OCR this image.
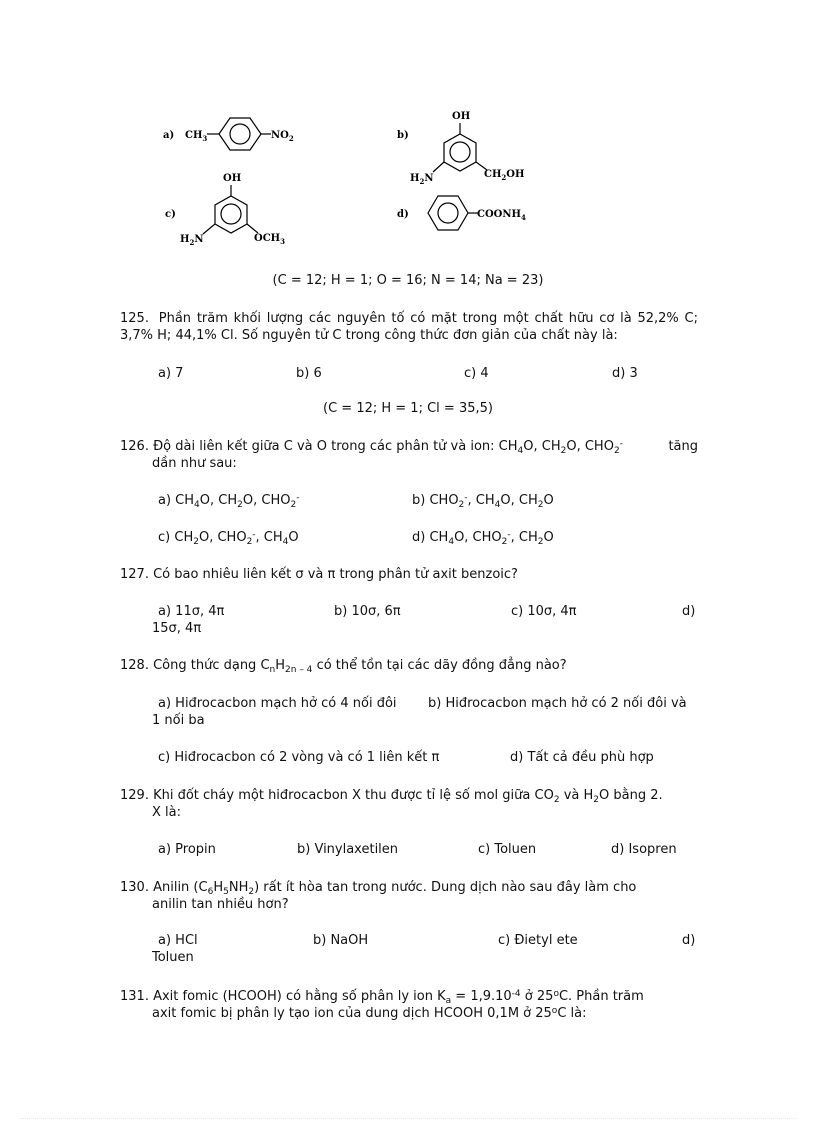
a) $CH_3$	$NO_2$	b)
OH
$H_2N$	$CH_2OH$
c)
OH
$H_2N$	$OCH_3$
d)	$COONH_4$
(C = 12; H = 1; O = 16; N = 14; Na = 23)
125. Phần trăm khối lượng các nguyên tố có mặt trong một chất hữu cơ là 52,2% C; 3,7% H; 44,1% Cl. Số nguyên tử C trong công thức đơn giản của chất này là:
a) 7	b) 6	c) 4	d) 3
(C = 12; H = 1; Cl = 35,5)
126. Độ dài liên kết giữa C và O trong các phân tử và ion: $CH_4O$, $CH_2O$, $CHO_2^-$	tăng
dần như sau:
a) $CH_4O$, $CH_2O$, $CHO_2^-$	b) $CHO_2^-$, $CH_4O$, $CH_2O$
c) $CH_2O$, $CHO_2^-$, $CH_4O$	d) $CH_4O$, $CHO_2^-$, $CH_2O$
127. Có bao nhiêu liên kết σ và π trong phân tử axit benzoic?
a) 11σ, 4π	b) 10σ, 6π	c) 10σ, 4π	d)
15σ, 4π
128. Công thức dạng $C_nH_{2n - 4}$ có thể tồn tại các dãy đồng đẳng nào?
a) Hiđrocacbon mạch hở có 4 nối đôi b) Hiđrocacbon mạch hở có 2 nối đôi và
1 nối ba
c) Hiđrocacbon có 2 vòng và có 1 liên kết π	d) Tất cả đều phù hợp
129. Khi đốt cháy một hiđrocacbon X thu được tỉ lệ số mol giữa $CO_2$ và $H_2O$ bằng 2.
X là:
a) Propin	b) Vinylaxetilen	c) Toluen	d) Isopren
130. Anilin $(C_6H_5NH_2)$ rất ít hòa tan trong nước. Dung dịch nào sau đây làm cho
anilin tan nhiều hơn?
a) HCl	b) NaOH	c) Đietyl ete	d)
Toluen
131. Axit fomic (HCOOH) có hằng số phân ly ion $K_a = 1,9.10^{-4}$ ở 25$^o$C. Phần trăm
axit fomic bị phân ly tạo ion của dung dịch HCOOH 0,1M ở 25$^o$C là:
